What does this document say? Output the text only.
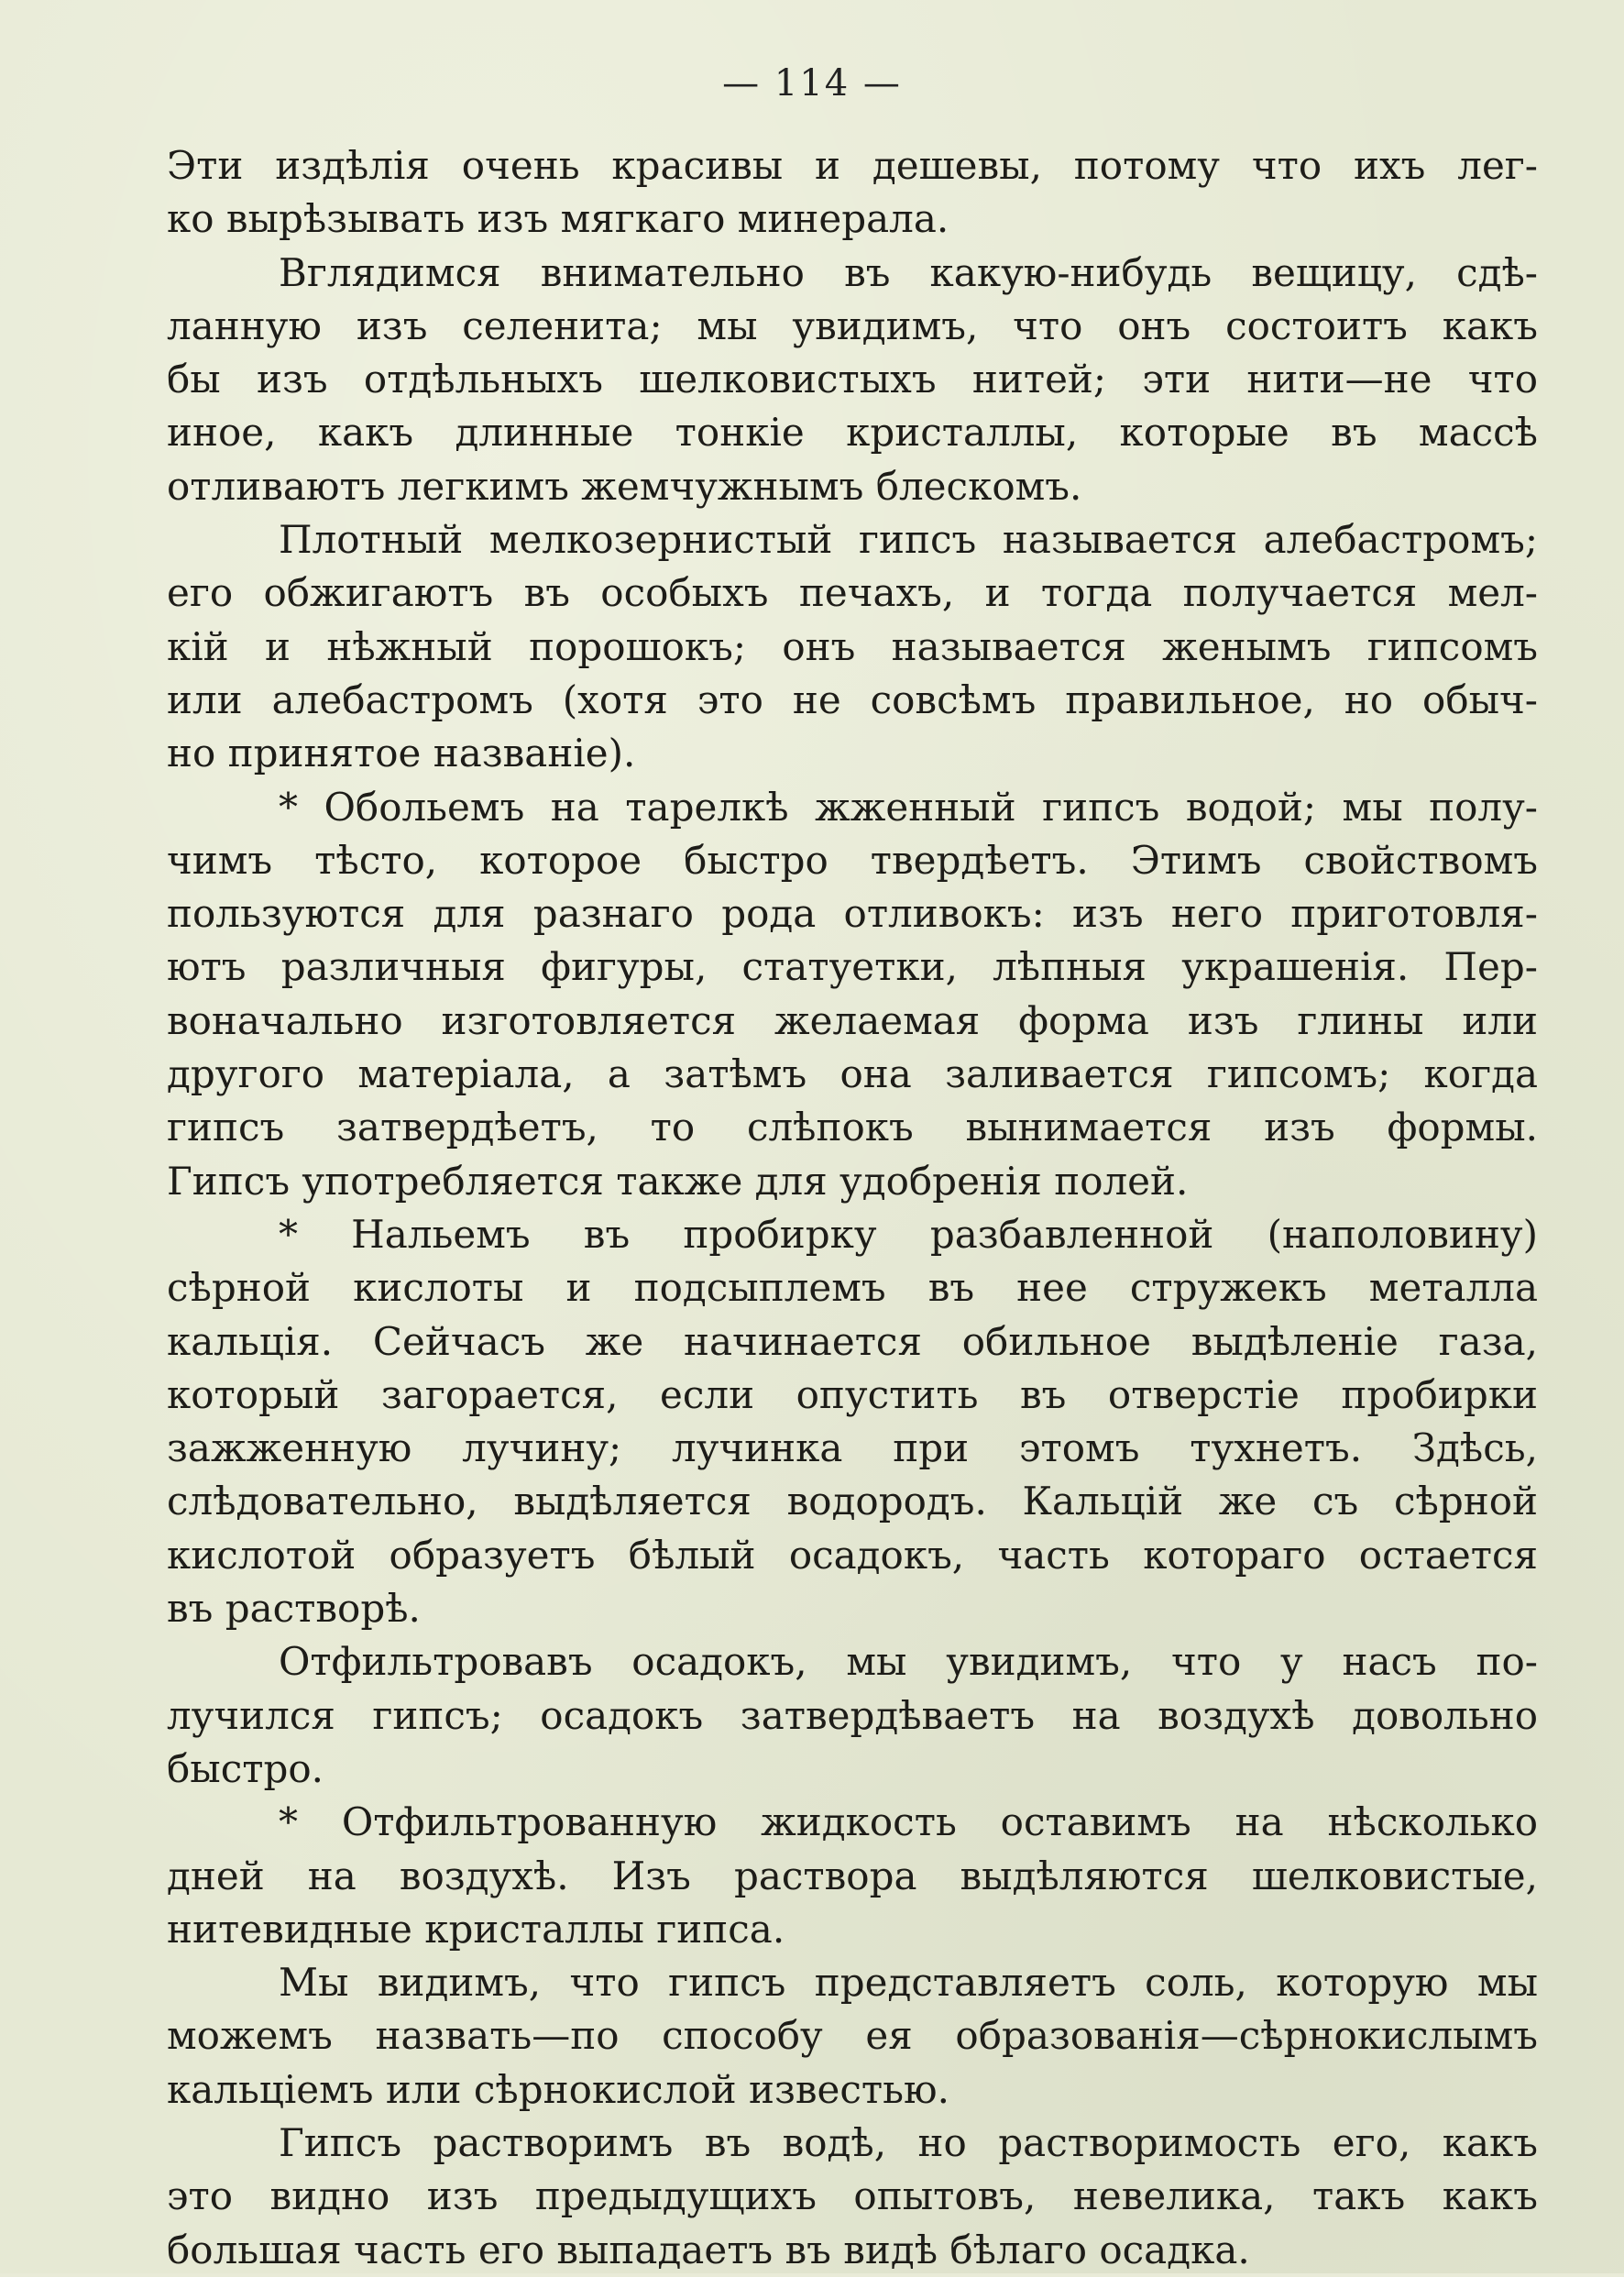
— 114 —
Эти издѣлія очень красивы и дешевы, потому что ихъ лег-
ко вырѣзывать изъ мягкаго минерала.
Вглядимся внимательно въ какую-нибудь вещицу, сдѣ-
ланную изъ селенита; мы увидимъ, что онъ состоитъ какъ
бы изъ отдѣльныхъ шелковистыхъ нитей; эти нити—не что
иное, какъ длинные тонкіе кристаллы, которые въ массѣ
отливаютъ легкимъ жемчужнымъ блескомъ.
Плотный мелкозернистый гипсъ называется алебастромъ;
его обжигаютъ въ особыхъ печахъ, и тогда получается мел-
кій и нѣжный порошокъ; онъ называется женымъ гипсомъ
или алебастромъ (хотя это не совсѣмъ правильное, но обыч-
но принятое названіе).
* Обольемъ на тарелкѣ жженный гипсъ водой; мы полу-
чимъ тѣсто, которое быстро твердѣетъ. Этимъ свойствомъ
пользуются для разнаго рода отливокъ: изъ него приготовля-
ютъ различныя фигуры, статуетки, лѣпныя украшенія. Пер-
воначально изготовляется желаемая форма изъ глины или
другого матеріала, а затѣмъ она заливается гипсомъ; когда
гипсъ затвердѣетъ, то слѣпокъ вынимается изъ формы.
Гипсъ употребляется также для удобренія полей.
* Нальемъ въ пробирку разбавленной (наполовину)
сѣрной кислоты и подсыплемъ въ нее стружекъ металла
кальція. Сейчасъ же начинается обильное выдѣленіе газа,
который загорается, если опустить въ отверстіе пробирки
зажженную лучину; лучинка при этомъ тухнетъ. Здѣсь,
слѣдовательно, выдѣляется водородъ. Кальцій же съ сѣрной
кислотой образуетъ бѣлый осадокъ, часть котораго остается
въ растворѣ.
Отфильтровавъ осадокъ, мы увидимъ, что у насъ по-
лучился гипсъ; осадокъ затвердѣваетъ на воздухѣ довольно
быстро.
* Отфильтрованную жидкость оставимъ на нѣсколько
дней на воздухѣ. Изъ раствора выдѣляются шелковистые,
нитевидные кристаллы гипса.
Мы видимъ, что гипсъ представляетъ соль, которую мы
можемъ назвать—по способу ея образованія—сѣрнокислымъ
кальціемъ или сѣрнокислой известью.
Гипсъ растворимъ въ водѣ, но растворимость его, какъ
это видно изъ предыдущихъ опытовъ, невелика, такъ какъ
большая часть его выпадаетъ въ видѣ бѣлаго осадка.
